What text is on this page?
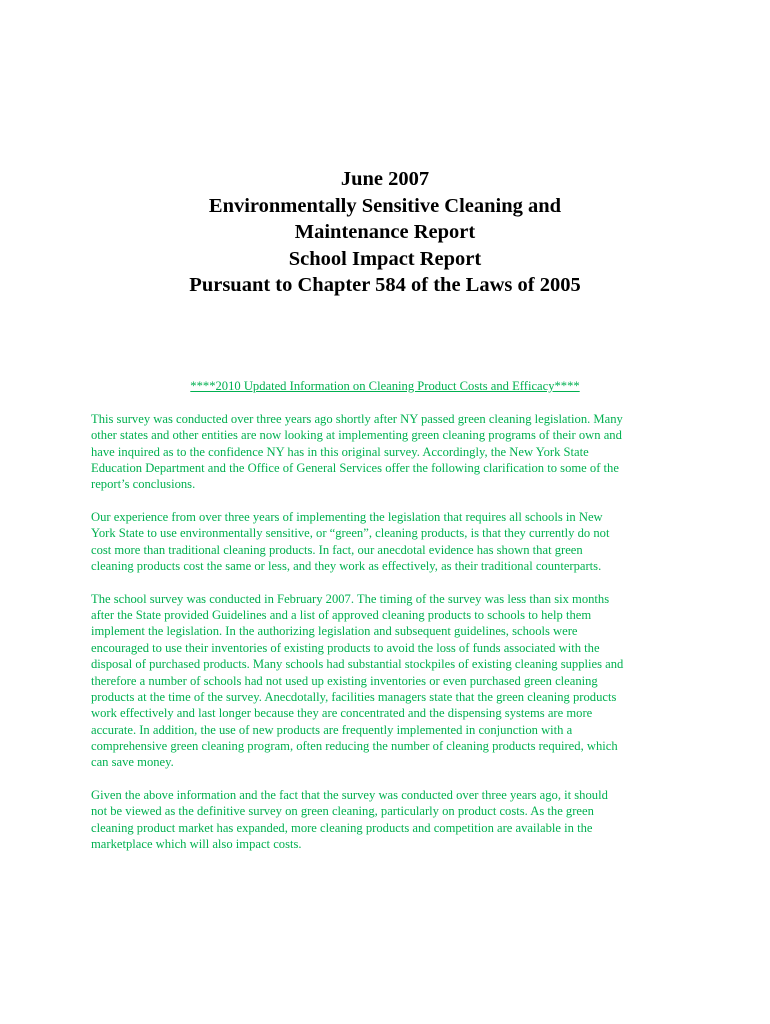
June 2007
Environmentally Sensitive Cleaning and
Maintenance Report
School Impact Report
Pursuant to Chapter 584 of the Laws of 2005
****2010 Updated Information on Cleaning Product Costs and Efficacy****

This survey was conducted over three years ago shortly after NY passed green cleaning legislation. Many
other states and other entities are now looking at implementing green cleaning programs of their own and
have inquired as to the confidence NY has in this original survey. Accordingly, the New York State
Education Department and the Office of General Services offer the following clarification to some of the
report’s conclusions.

Our experience from over three years of implementing the legislation that requires all schools in New
York State to use environmentally sensitive, or “green”, cleaning products, is that they currently do not
cost more than traditional cleaning products. In fact, our anecdotal evidence has shown that green
cleaning products cost the same or less, and they work as effectively, as their traditional counterparts.

The school survey was conducted in February 2007. The timing of the survey was less than six months
after the State provided Guidelines and a list of approved cleaning products to schools to help them
implement the legislation. In the authorizing legislation and subsequent guidelines, schools were
encouraged to use their inventories of existing products to avoid the loss of funds associated with the
disposal of purchased products. Many schools had substantial stockpiles of existing cleaning supplies and
therefore a number of schools had not used up existing inventories or even purchased green cleaning
products at the time of the survey. Anecdotally, facilities managers state that the green cleaning products
work effectively and last longer because they are concentrated and the dispensing systems are more
accurate. In addition, the use of new products are frequently implemented in conjunction with a
comprehensive green cleaning program, often reducing the number of cleaning products required, which
can save money.

Given the above information and the fact that the survey was conducted over three years ago, it should
not be viewed as the definitive survey on green cleaning, particularly on product costs. As the green
cleaning product market has expanded, more cleaning products and competition are available in the
marketplace which will also impact costs.
